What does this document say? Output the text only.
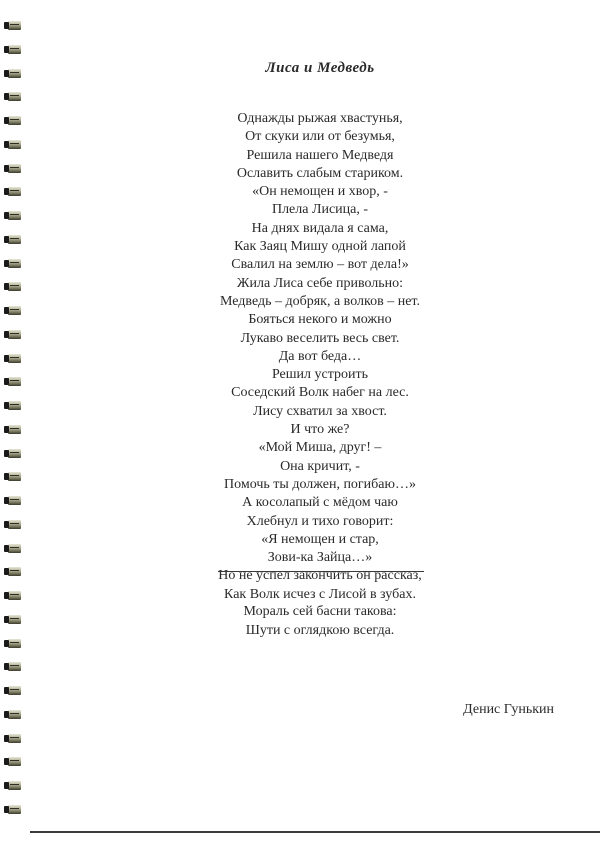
Лиса и Медведь
Однажды рыжая хвастунья,
От скуки или от безумья,
Решила нашего Медведя
Ославить слабым стариком.
«Он немощен и хвор, -
Плела Лисица, -
На днях видала я сама,
Как Заяц Мишу одной лапой
Свалил на землю – вот дела!»
Жила Лиса себе привольно:
Медведь – добряк, а волков – нет.
Бояться некого и можно
Лукаво веселить весь свет.
Да вот беда…
Решил устроить
Соседский Волк набег на лес.
Лису схватил за хвост.
И что же?
«Мой Миша, друг! –
Она кричит, -
Помочь ты должен, погибаю…»
А косолапый с мёдом чаю
Хлебнул и тихо говорит:
«Я немощен и стар,
Зови-ка Зайца…»
Но не успел закончить он рассказ,
Как Волк исчез с Лисой в зубах.
Мораль сей басни такова:
Шути с оглядкою всегда.
Денис Гунькин
